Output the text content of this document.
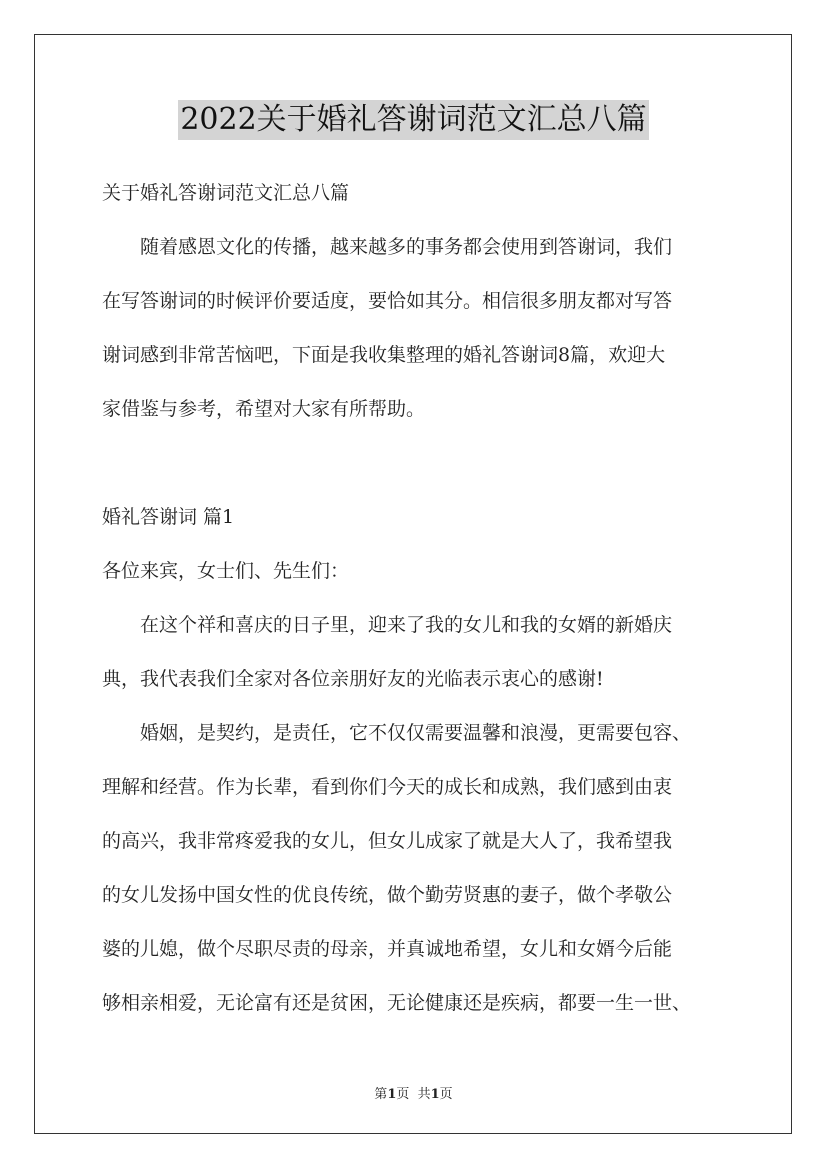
2022关于婚礼答谢词范文汇总八篇

关于婚礼答谢词范文汇总八篇

随着感恩文化的传播，越来越多的事务都会使用到答谢词，我们

在写答谢词的时候评价要适度，要恰如其分。相信很多朋友都对写答

谢词感到非常苦恼吧，下面是我收集整理的婚礼答谢词8篇，欢迎大

家借鉴与参考，希望对大家有所帮助。

婚礼答谢词 篇1

各位来宾，女士们、先生们：

在这个祥和喜庆的日子里，迎来了我的女儿和我的女婿的新婚庆

典，我代表我们全家对各位亲朋好友的光临表示衷心的感谢!

婚姻，是契约，是责任，它不仅仅需要温馨和浪漫，更需要包容、

理解和经营。作为长辈，看到你们今天的成长和成熟，我们感到由衷

的高兴，我非常疼爱我的女儿，但女儿成家了就是大人了，我希望我

的女儿发扬中国女性的优良传统，做个勤劳贤惠的妻子，做个孝敬公

婆的儿媳，做个尽职尽责的母亲，并真诚地希望，女儿和女婿今后能

够相亲相爱，无论富有还是贫困，无论健康还是疾病，都要一生一世、

第1页  共1页
